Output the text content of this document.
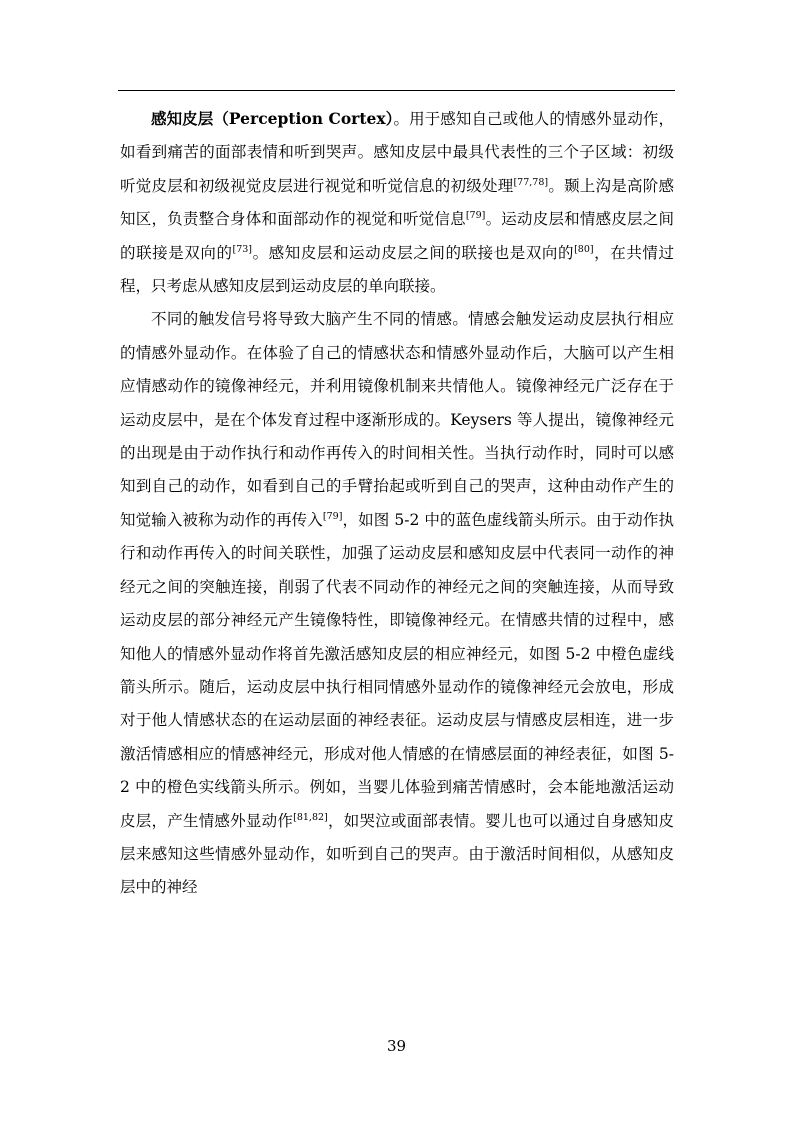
感知皮层（Perception Cortex）。用于感知自己或他人的情感外显动作，如看到痛苦的面部表情和听到哭声。感知皮层中最具代表性的三个子区域：初级听觉皮层和初级视觉皮层进行视觉和听觉信息的初级处理[77,78]。颞上沟是高阶感知区，负责整合身体和面部动作的视觉和听觉信息[79]。运动皮层和情感皮层之间的联接是双向的[73]。感知皮层和运动皮层之间的联接也是双向的[80]，在共情过程，只考虑从感知皮层到运动皮层的单向联接。

不同的触发信号将导致大脑产生不同的情感。情感会触发运动皮层执行相应的情感外显动作。在体验了自己的情感状态和情感外显动作后，大脑可以产生相应情感动作的镜像神经元，并利用镜像机制来共情他人。镜像神经元广泛存在于运动皮层中，是在个体发育过程中逐渐形成的。Keysers 等人提出，镜像神经元的出现是由于动作执行和动作再传入的时间相关性。当执行动作时，同时可以感知到自己的动作，如看到自己的手臂抬起或听到自己的哭声，这种由动作产生的知觉输入被称为动作的再传入[79]，如图 5-2 中的蓝色虚线箭头所示。由于动作执行和动作再传入的时间关联性，加强了运动皮层和感知皮层中代表同一动作的神经元之间的突触连接，削弱了代表不同动作的神经元之间的突触连接，从而导致运动皮层的部分神经元产生镜像特性，即镜像神经元。在情感共情的过程中，感知他人的情感外显动作将首先激活感知皮层的相应神经元，如图 5-2 中橙色虚线箭头所示。随后，运动皮层中执行相同情感外显动作的镜像神经元会放电，形成对于他人情感状态的在运动层面的神经表征。运动皮层与情感皮层相连，进一步激活情感相应的情感神经元，形成对他人情感的在情感层面的神经表征，如图 5-2 中的橙色实线箭头所示。例如，当婴儿体验到痛苦情感时，会本能地激活运动皮层，产生情感外显动作[81,82]，如哭泣或面部表情。婴儿也可以通过自身感知皮层来感知这些情感外显动作，如听到自己的哭声。由于激活时间相似，从感知皮层中的神经

39
